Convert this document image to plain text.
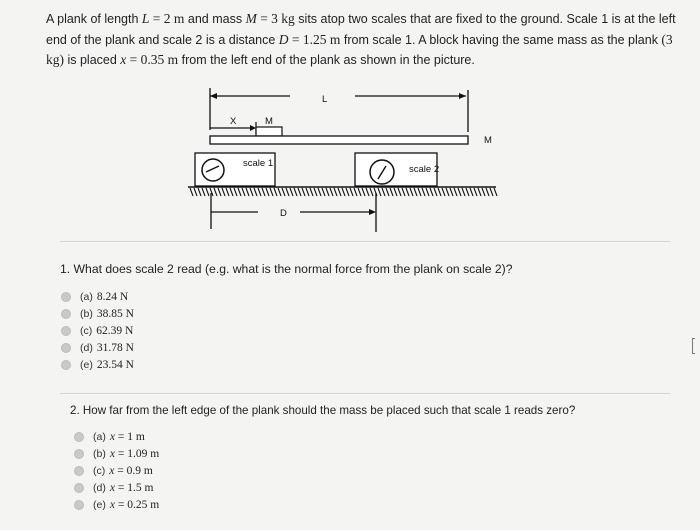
A plank of length L = 2 m and mass M = 3 kg sits atop two scales that are fixed to the ground. Scale 1 is at the left end of the plank and scale 2 is a distance D = 1.25 m from scale 1. A block having the same mass as the plank (3 kg) is placed x = 0.35 m from the left end of the plank as shown in the picture.
L
X	M
M
scale 1
scale 2
D
1. What does scale 2 read (e.g. what is the normal force from the plank on scale 2)?
(a) 8.24 N
(b) 38.85 N
(c) 62.39 N
(d) 31.78 N
(e) 23.54 N
2. How far from the left edge of the plank should the mass be placed such that scale 1 reads zero?
(a) x = 1 m
(b) x = 1.09 m
(c) x = 0.9 m
(d) x = 1.5 m
(e) x = 0.25 m
